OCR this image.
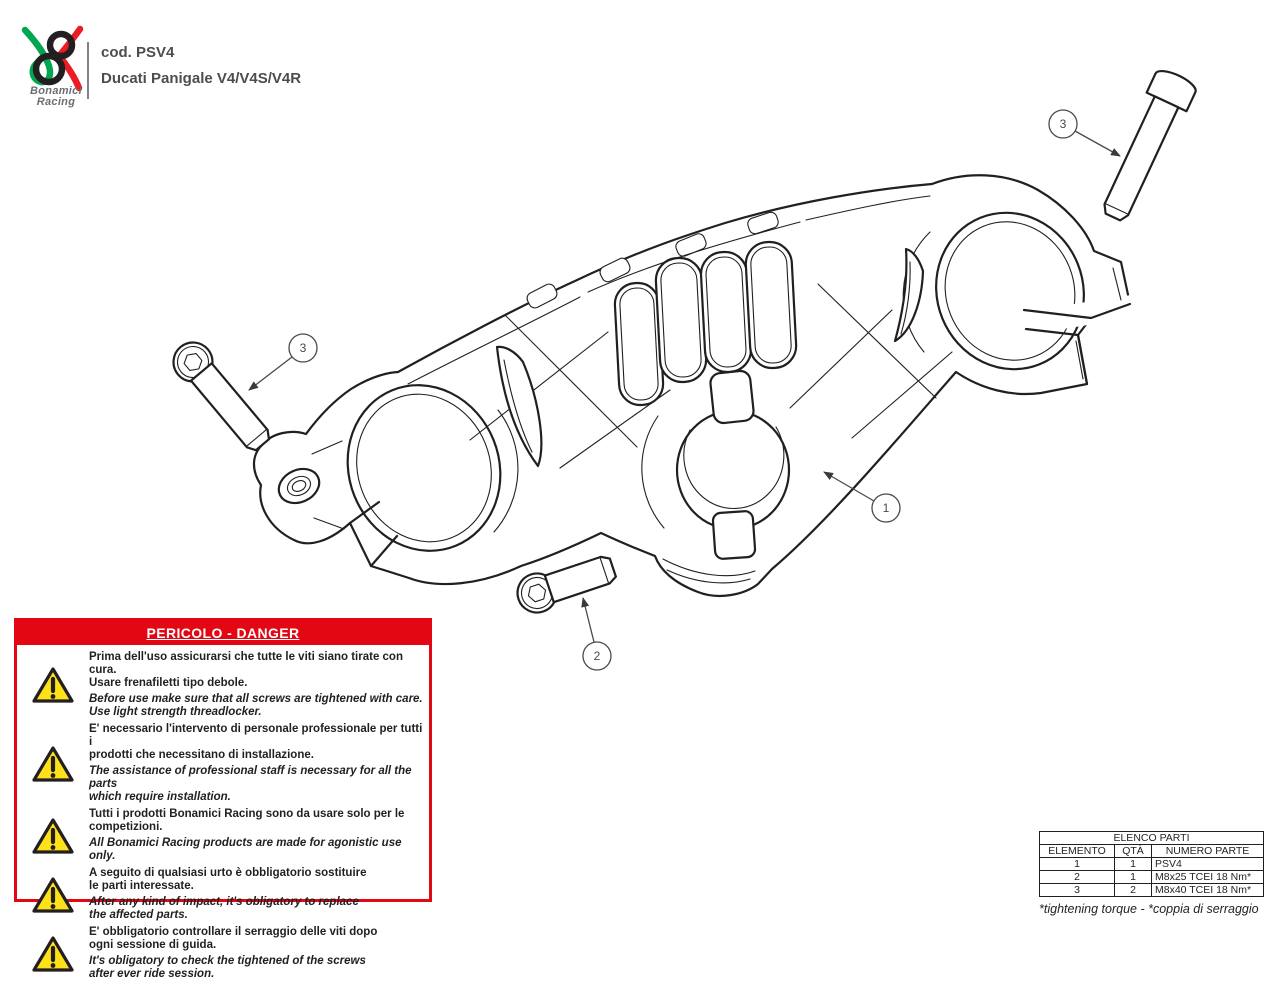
Bonamici
Racing
cod. PSV4
Ducati Panigale V4/V4S/V4R
1
2
3
3
PERICOLO - DANGER
Prima dell'uso assicurarsi che tutte le viti siano tirate con cura.
Usare frenafiletti tipo debole.
Before use make sure that all screws are tightened with care.
Use light strength threadlocker.
E' necessario l'intervento di personale professionale per tutti i
prodotti che necessitano di installazione.
The assistance of professional staff is necessary for all the parts
which require installation.
Tutti i prodotti Bonamici Racing sono da usare solo per le competizioni.
All Bonamici Racing products are made for agonistic use only.
A seguito di qualsiasi urto è obbligatorio sostituire
le parti interessate.
After any kind of impact, it's obligatory to replace
the affected parts.
E' obbligatorio controllare il serraggio delle viti dopo
ogni sessione di guida.
It's obligatory to check the tightened of the screws
after ever ride session.
ELENCO PARTI		
ELEMENTO	QTÀ	NUMERO PARTE
1	1	PSV4
2	1	M8x25 TCEI 18 Nm*
3	2	M8x40 TCEI 18 Nm*
*tightening torque - *coppia di serraggio
